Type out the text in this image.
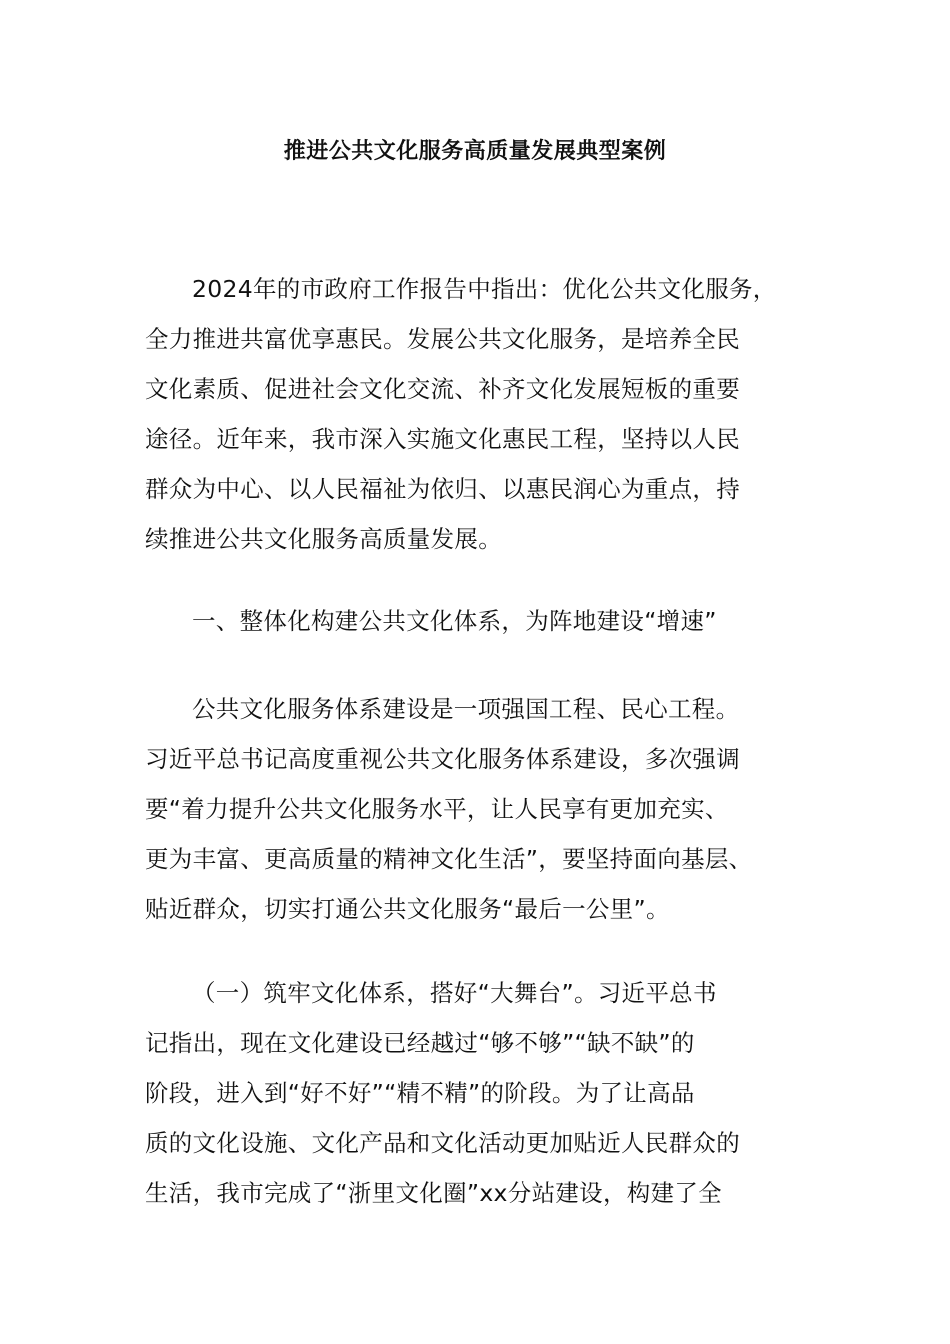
推进公共文化服务高质量发展典型案例

2024年的市政府工作报告中指出：优化公共文化服务，
全力推进共富优享惠民。发展公共文化服务，是培养全民
文化素质、促进社会文化交流、补齐文化发展短板的重要
途径。近年来，我市深入实施文化惠民工程，坚持以人民
群众为中心、以人民福祉为依归、以惠民润心为重点，持
续推进公共文化服务高质量发展。

一、整体化构建公共文化体系，为阵地建设“增速”

公共文化服务体系建设是一项强国工程、民心工程。
习近平总书记高度重视公共文化服务体系建设，多次强调
要“着力提升公共文化服务水平，让人民享有更加充实、
更为丰富、更高质量的精神文化生活”，要坚持面向基层、
贴近群众，切实打通公共文化服务“最后一公里”。

（一）筑牢文化体系，搭好“大舞台”。习近平总书
记指出，现在文化建设已经越过“够不够”“缺不缺”的
阶段，进入到“好不好”“精不精”的阶段。为了让高品
质的文化设施、文化产品和文化活动更加贴近人民群众的
生活，我市完成了“浙里文化圈”xx分站建设，构建了全
